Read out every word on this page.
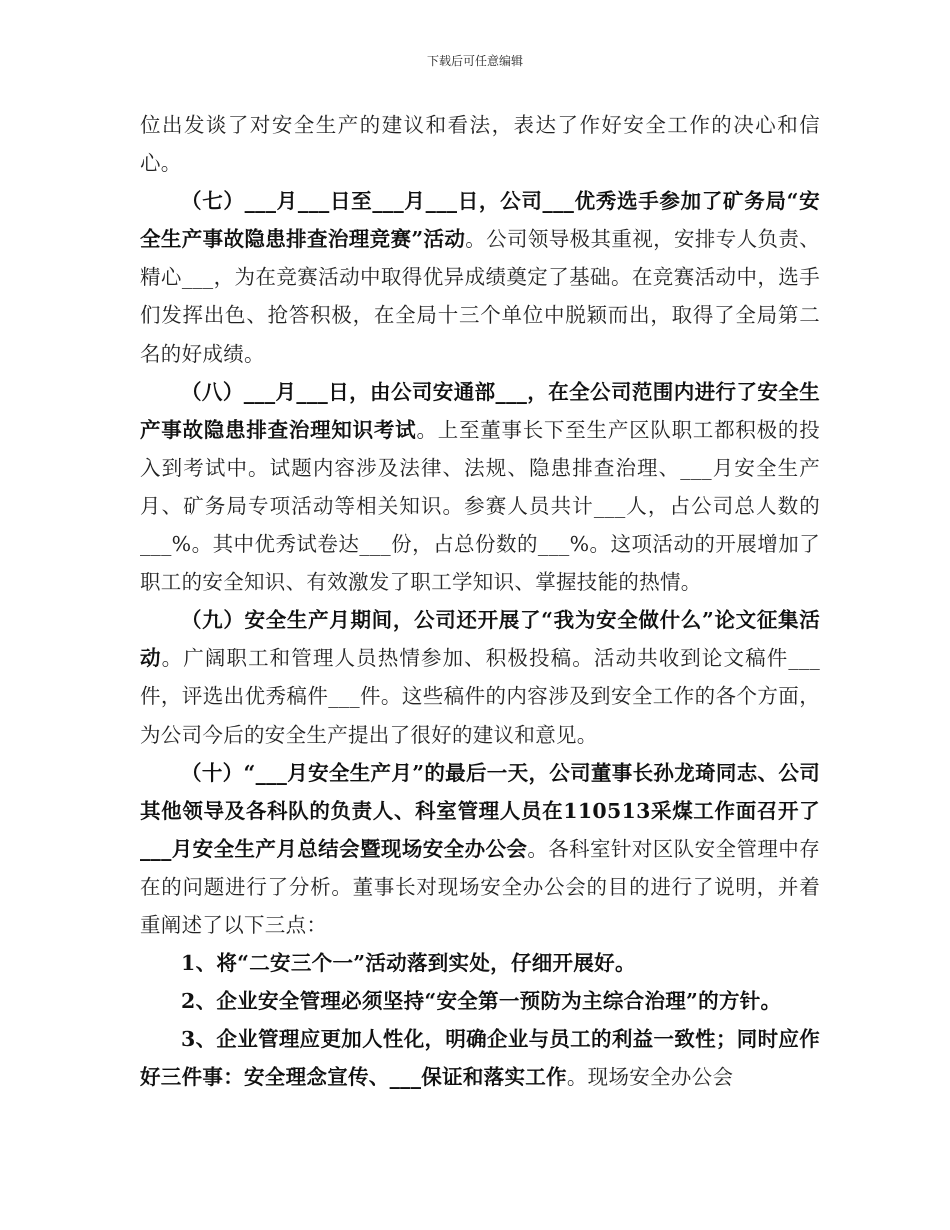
下载后可任意编辑

位出发谈了对安全生产的建议和看法，表达了作好安全工作的决心和信心。

（七）___月___日至___月___日，公司___优秀选手参加了矿务局“安全生产事故隐患排查治理竞赛”活动。公司领导极其重视，安排专人负责、精心___，为在竞赛活动中取得优异成绩奠定了基础。在竞赛活动中，选手们发挥出色、抢答积极，在全局十三个单位中脱颖而出，取得了全局第二名的好成绩。

（八）___月___日，由公司安通部___，在全公司范围内进行了安全生产事故隐患排查治理知识考试。上至董事长下至生产区队职工都积极的投入到考试中。试题内容涉及法律、法规、隐患排查治理、___月安全生产月、矿务局专项活动等相关知识。参赛人员共计___人，占公司总人数的___%。其中优秀试卷达___份，占总份数的___%。这项活动的开展增加了职工的安全知识、有效激发了职工学知识、掌握技能的热情。

（九）安全生产月期间，公司还开展了“我为安全做什么”论文征集活动。广阔职工和管理人员热情参加、积极投稿。活动共收到论文稿件___件，评选出优秀稿件___件。这些稿件的内容涉及到安全工作的各个方面，为公司今后的安全生产提出了很好的建议和意见。

（十）“___月安全生产月”的最后一天，公司董事长孙龙琦同志、公司其他领导及各科队的负责人、科室管理人员在110513采煤工作面召开了___月安全生产月总结会暨现场安全办公会。各科室针对区队安全管理中存在的问题进行了分析。董事长对现场安全办公会的目的进行了说明，并着重阐述了以下三点：

1、将“二安三个一”活动落到实处，仔细开展好。

2、企业安全管理必须坚持“安全第一预防为主综合治理”的方针。

3、企业管理应更加人性化，明确企业与员工的利益一致性；同时应作好三件事：安全理念宣传、___保证和落实工作。现场安全办公会
